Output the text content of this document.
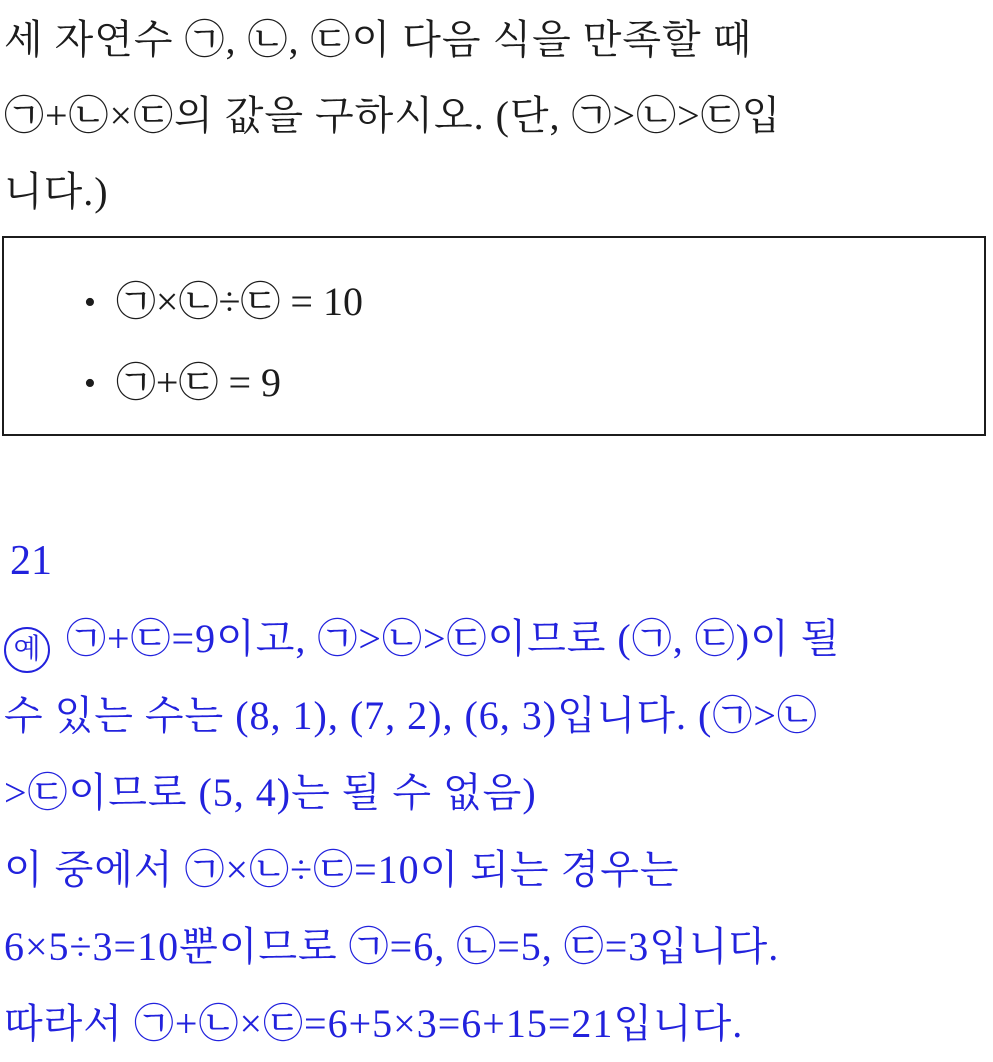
세 자연수 ㉠, ㉡, ㉢이 다음 식을 만족할 때
㉠+㉡×㉢의 값을 구하시오. (단, ㉠>㉡>㉢입
니다.)
• ㉠×㉡÷㉢ = 10
• ㉠+㉢ = 9
21
예 ㉠+㉢=9이고, ㉠>㉡>㉢이므로 (㉠, ㉢)이 될
수 있는 수는 (8, 1), (7, 2), (6, 3)입니다. (㉠>㉡
>㉢이므로 (5, 4)는 될 수 없음)
이 중에서 ㉠×㉡÷㉢=10이 되는 경우는
6×5÷3=10뿐이므로 ㉠=6, ㉡=5, ㉢=3입니다.
따라서 ㉠+㉡×㉢=6+5×3=6+15=21입니다.
